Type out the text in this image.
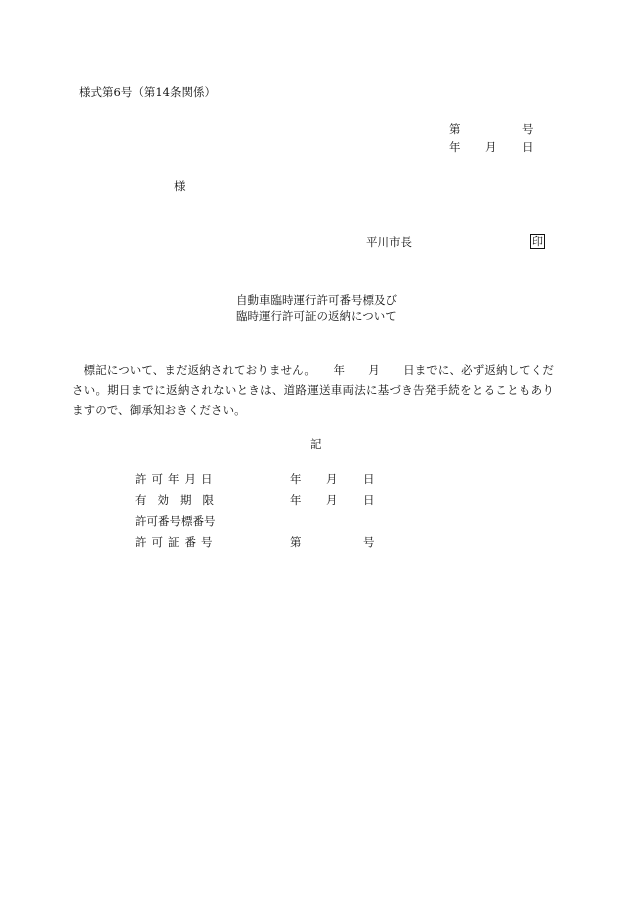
様式第6号（第14条関係）
第	号
年 月 日
様
平川市長	印
自動車臨時運行許可番号標及び
臨時運行許可証の返納について
　標記について、まだ返納されておりません。　　年　　月　　日までに、必ず返納してください。期日までに返納されないときは、道路運送車両法に基づき告発手続をとることもありますので、御承知おきください。
記
許可年月日	年 月 日
有効期限	年 月 日
許可番号標番号
許可証番号	第	号
